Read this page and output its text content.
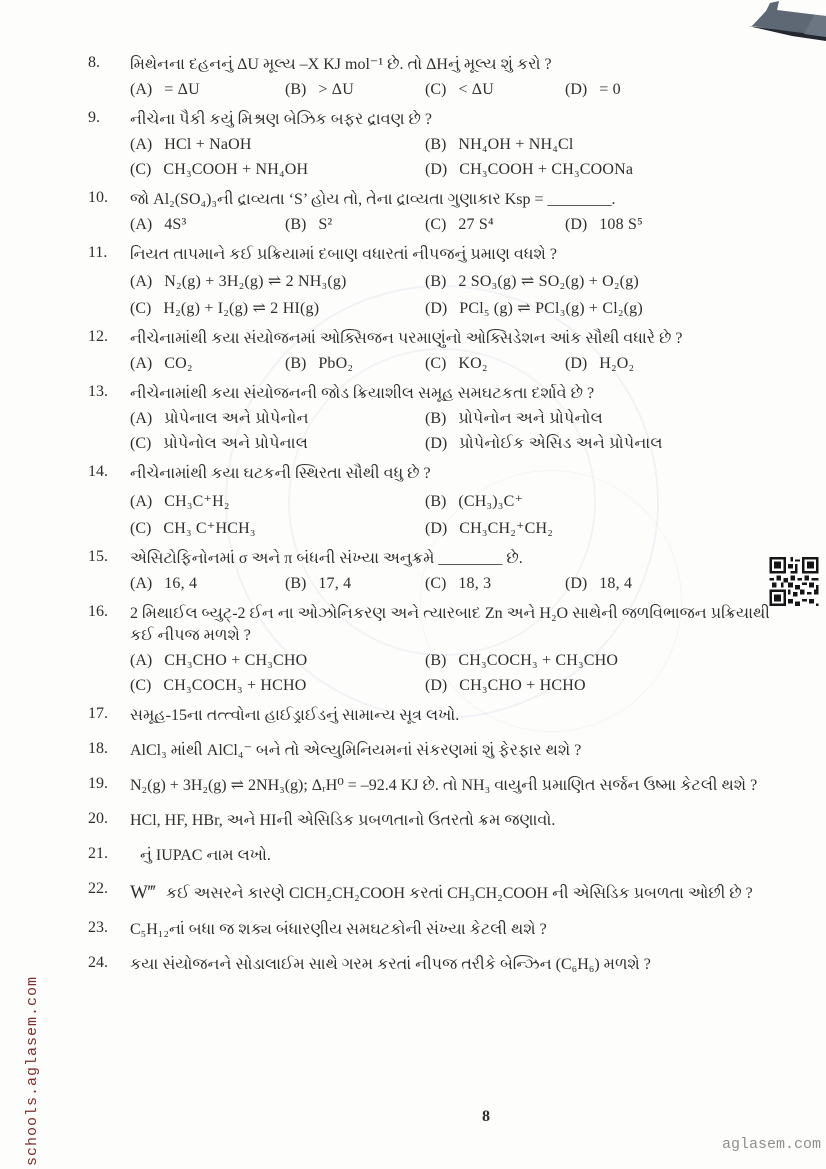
8.	મિથેનના દહનનું ΔU મૂલ્ય –X KJ mol⁻¹ છે. તો ΔHનું મૂલ્ય શું કરો ?

(A) = ΔU	(B) > ΔU	(C) < ΔU	(D) = 0
9.	નીચેના પૈકી કયું મિશ્રણ બેઝિક બફર દ્રાવણ છે ?

(A) HCl + NaOH	(B) NH₄OH + NH₄Cl
(C) CH₃COOH + NH₄OH	(D) CH₃COOH + CH₃COONa
10.	જો Al₂(SO₄)₃ની દ્રાવ્યતા ‘S’ હોય તો, તેના દ્રાવ્યતા ગુણાકાર Ksp = ________.

(A) 4S³	(B) S²	(C) 27 S⁴	(D) 108 S⁵
11.	નિયત તાપમાને કઈ પ્રક્રિયામાં દબાણ વધારતાં નીપજનું પ્રમાણ વધશે ?

(A) N₂(g) + 3H₂(g) ⇌ 2 NH₃(g)	(B) 2 SO₃(g) ⇌ SO₂(g) + O₂(g)
(C) H₂(g) + I₂(g) ⇌ 2 HI(g)	(D) PCl₅ (g) ⇌ PCl₃(g) + Cl₂(g)
12.	નીચેનામાંથી કયા સંયોજનમાં ઓક્સિજન પરમાણુંનો ઓક્સિડેશન આંક સૌથી વધારે છે ?

(A) CO₂	(B) PbO₂	(C) KO₂	(D) H₂O₂
13.	નીચેનામાંથી કયા સંયોજનની જોડ ક્રિયાશીલ સમૂહ સમઘટકતા દર્શાવે છે ?

(A) પ્રોપેનાલ અને પ્રોપેનોન	(B) પ્રોપેનોન અને પ્રોપેનોલ
(C) પ્રોપેનોલ અને પ્રોપેનાલ	(D) પ્રોપેનોઈક એસિડ અને પ્રોપેનાલ
14.	નીચેનામાંથી કયા ઘટકની સ્થિરતા સૌથી વધુ છે ?

(A) CH₃C⁺H₂	(B) (CH₃)₃C⁺
(C) CH₃ C⁺HCH₃	(D) CH₃CH₂⁺CH₂
15.	એસિટોફિનોનમાં σ અને π બંધની સંખ્યા અનુક્રમે ________ છે.

(A) 16, 4	(B) 17, 4	(C) 18, 3	(D) 18, 4
16.	2 મિથાઈલ બ્યુટ્-2 ઈન ના ઓઝોનિકરણ અને ત્યારબાદ Zn અને H₂O સાથેની જળવિભાજન પ્રક્રિયાથી કઈ નીપજ મળશે ?

(A) CH₃CHO + CH₃CHO	(B) CH₃COCH₃ + CH₃CHO
(C) CH₃COCH₃ + HCHO	(D) CH₃CHO + HCHO
17.	સમૂહ-15ના તત્ત્વોના હાઈડ્રાઈડનું સામાન્ય સૂત્ર લખો.

18.	AlCl₃ માંથી AlCl₄⁻ બને તો એલ્યુમિનિયમનાં સંકરણમાં શું ફેરફાર થશે ?

19.	N₂(g) + 3H₂(g) ⇌ 2NH₃(g); ΔᵣH⁰ = –92.4 KJ છે. તો NH₃ વાયુની પ્રમાણિત સર્જન ઉષ્મા કેટલી થશે ?

20.	HCl, HF, HBr, અને HIની એસિડિક પ્રબળતાનો ઉતરતો ક્રમ જણાવો.

21.	નું IUPAC નામ લખો.

22.	W‴ કઈ અસરને કારણે ClCH₂CH₂COOH કરતાં CH₃CH₂COOH ની એસિડિક પ્રબળતા ઓછી છે ?

23.	C₅H₁₂નાં બધા જ શક્ય બંધારણીય સમઘટકોની સંખ્યા કેટલી થશે ?

24.	કયા સંયોજનને સોડાલાઈમ સાથે ગરમ કરતાં નીપજ તરીકે બેન્ઝિન (C₆H₆) મળશે ?

8
aglasem.com
schools.aglasem.com
